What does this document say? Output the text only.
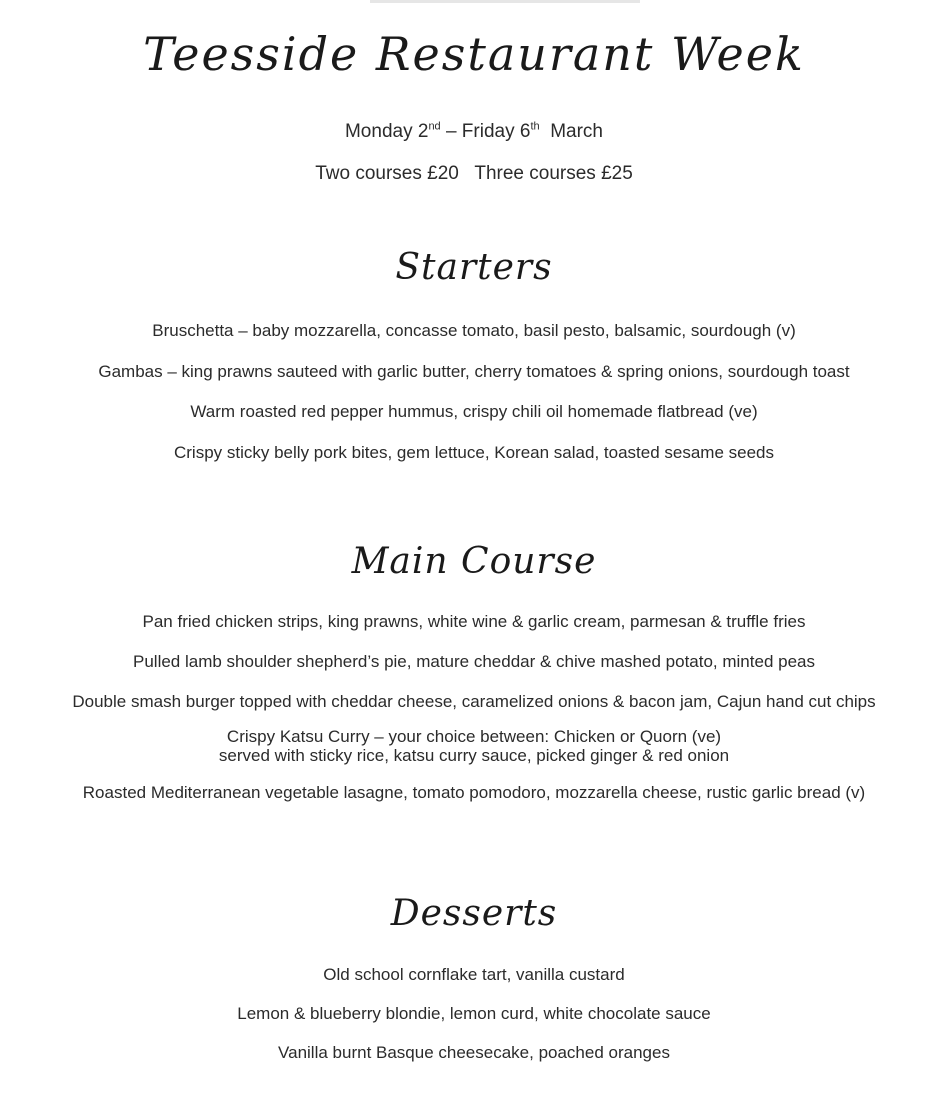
Teesside Restaurant Week
Monday 2nd – Friday 6th March
Two courses £20   Three courses £25
Starters
Bruschetta – baby mozzarella, concasse tomato, basil pesto, balsamic, sourdough (v)
Gambas – king prawns sauteed with garlic butter, cherry tomatoes & spring onions, sourdough toast
Warm roasted red pepper hummus, crispy chili oil homemade flatbread (ve)
Crispy sticky belly pork bites, gem lettuce, Korean salad, toasted sesame seeds
Main Course
Pan fried chicken strips, king prawns, white wine & garlic cream, parmesan & truffle fries
Pulled lamb shoulder shepherd’s pie, mature cheddar & chive mashed potato, minted peas
Double smash burger topped with cheddar cheese, caramelized onions & bacon jam, Cajun hand cut chips
Crispy Katsu Curry – your choice between: Chicken or Quorn (ve)
served with sticky rice, katsu curry sauce, picked ginger & red onion
Roasted Mediterranean vegetable lasagne, tomato pomodoro, mozzarella cheese, rustic garlic bread (v)
Desserts
Old school cornflake tart, vanilla custard
Lemon & blueberry blondie, lemon curd, white chocolate sauce
Vanilla burnt Basque cheesecake, poached oranges
